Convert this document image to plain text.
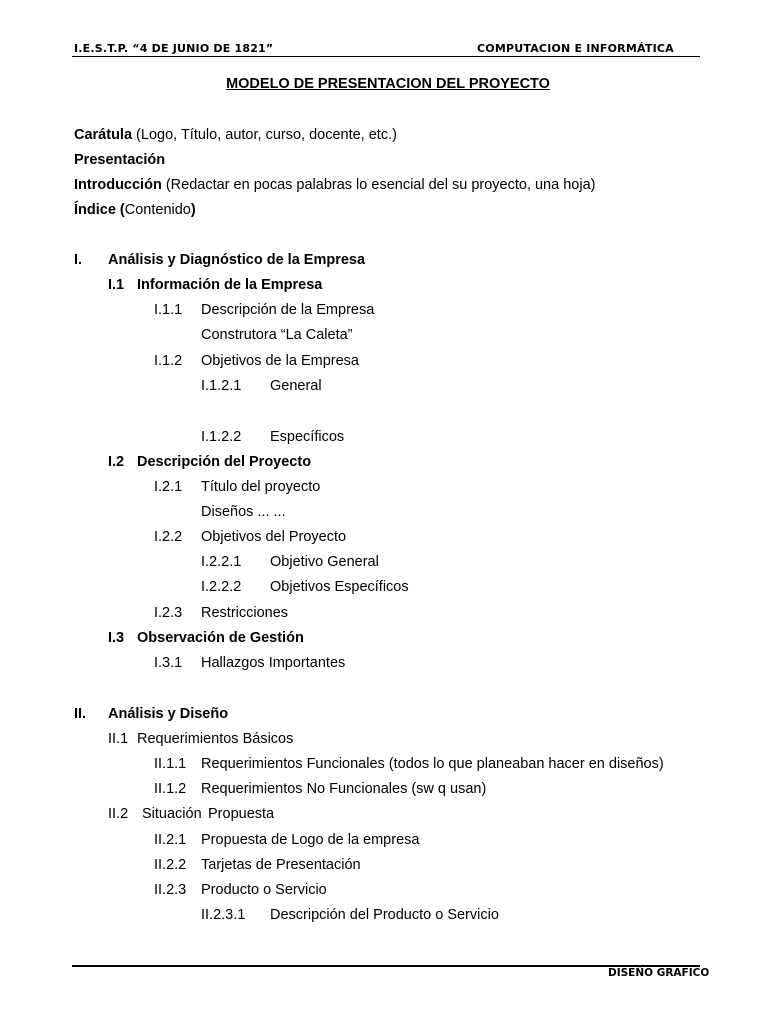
I.E.S.T.P. “4 DE JUNIO DE 1821”	COMPUTACION E INFORMÁTICA
MODELO DE PRESENTACION DEL PROYECTO
Carátula (Logo, Título, autor, curso, docente, etc.)
Presentación
Introducción (Redactar en pocas palabras lo esencial del su proyecto, una hoja)
Índice (Contenido)
I. Análisis y Diagnóstico de la Empresa
I.1 Información de la Empresa
I.1.1 Descripción de la Empresa
Construtora “La Caleta”
I.1.2 Objetivos de la Empresa
I.1.2.1 General
I.1.2.2 Específicos
I.2 Descripción del Proyecto
I.2.1 Título del proyecto
Diseños ... ...
I.2.2 Objetivos del Proyecto
I.2.2.1 Objetivo General
I.2.2.2 Objetivos Específicos
I.2.3 Restricciones
I.3 Observación de Gestión
I.3.1 Hallazgos Importantes
II. Análisis y Diseño
II.1 Requerimientos Básicos
II.1.1 Requerimientos Funcionales (todos lo que planeaban hacer en diseños)
II.1.2 Requerimientos No Funcionales (sw q usan)
II.2 Situación Propuesta
II.2.1 Propuesta de Logo de la empresa
II.2.2 Tarjetas de Presentación
II.2.3 Producto o Servicio
II.2.3.1 Descripción del Producto o Servicio
DISEÑO GRAFICO
